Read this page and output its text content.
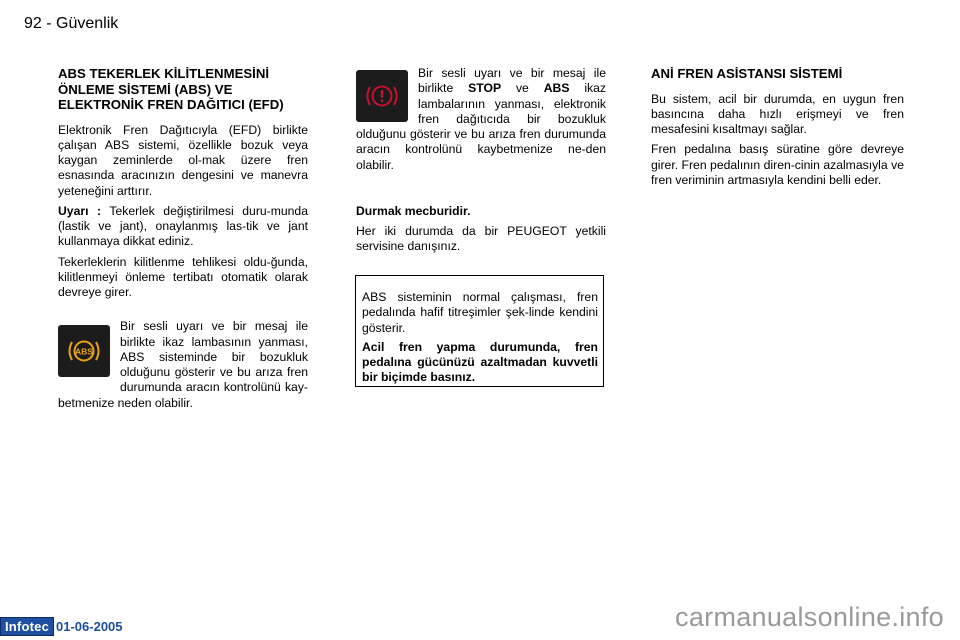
92 - Güvenlik
ABS TEKERLEK KİLİTLENMESİNİ ÖNLEME SİSTEMİ (ABS) VE ELEKTRONİK FREN DAĞITICI (EFD)

Elektronik Fren Dağıtıcıyla (EFD) birlikte çalışan ABS sistemi, özellikle bozuk veya kaygan zeminlerde ol-mak üzere fren esnasında aracınızın dengesini ve manevra yeteneğini arttırır.

Uyarı : Tekerlek değiştirilmesi duru-munda (lastik ve jant), onaylanmış las-tik ve jant kullanmaya dikkat ediniz.

Tekerleklerin kilitlenme tehlikesi oldu-ğunda, kilitlenmeyi önleme tertibatı otomatik olarak devreye girer.

ABS

Bir sesli uyarı ve bir mesaj ile birlikte ikaz lambasının yanması, ABS sisteminde bir bozukluk olduğunu gösterir ve bu arıza fren durumunda aracın kontrolünü kay-betmenize neden olabilir.

Bir sesli uyarı ve bir mesaj ile birlikte STOP ve ABS ikaz lambalarının yanması, elektronik fren dağıtıcıda bir bozukluk olduğunu gösterir ve bu arıza fren durumunda aracın kontrolünü kaybetmenize ne-den olabilir.

Durmak mecburidir.

Her iki durumda da bir PEUGEOT yetkili servisine danışınız.

ABS sisteminin normal çalışması, fren pedalında hafif titreşimler şek-linde kendini gösterir.

Acil fren yapma durumunda, fren pedalına gücünüzü azaltmadan kuvvetli bir biçimde basınız.

ANİ FREN ASİSTANSI SİSTEMİ

Bu sistem, acil bir durumda, en uygun fren basıncına daha hızlı erişmeyi ve fren mesafesini kısaltmayı sağlar.

Fren pedalına basış süratine göre devreye girer. Fren pedalının diren-cinin azalmasıyla ve fren veriminin artmasıyla kendini belli eder.

Infotec 01-06-2005	carmanualsonline.info
